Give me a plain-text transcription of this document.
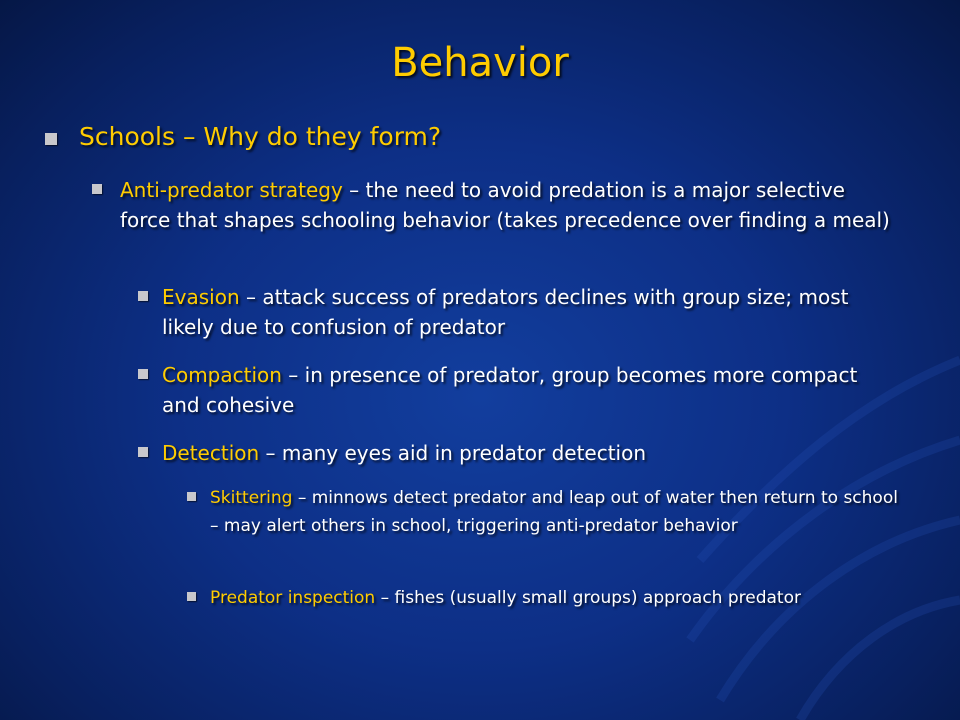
Behavior
Schools – Why do they form?
Anti-predator strategy – the need to avoid predation is a major selective force that shapes schooling behavior (takes precedence over finding a meal)
Evasion – attack success of predators declines with group size; most likely due to confusion of predator
Compaction – in presence of predator, group becomes more compact and cohesive
Detection – many eyes aid in predator detection
Skittering – minnows detect predator and leap out of water then return to school – may alert others in school, triggering anti-predator behavior
Predator inspection – fishes (usually small groups) approach predator
